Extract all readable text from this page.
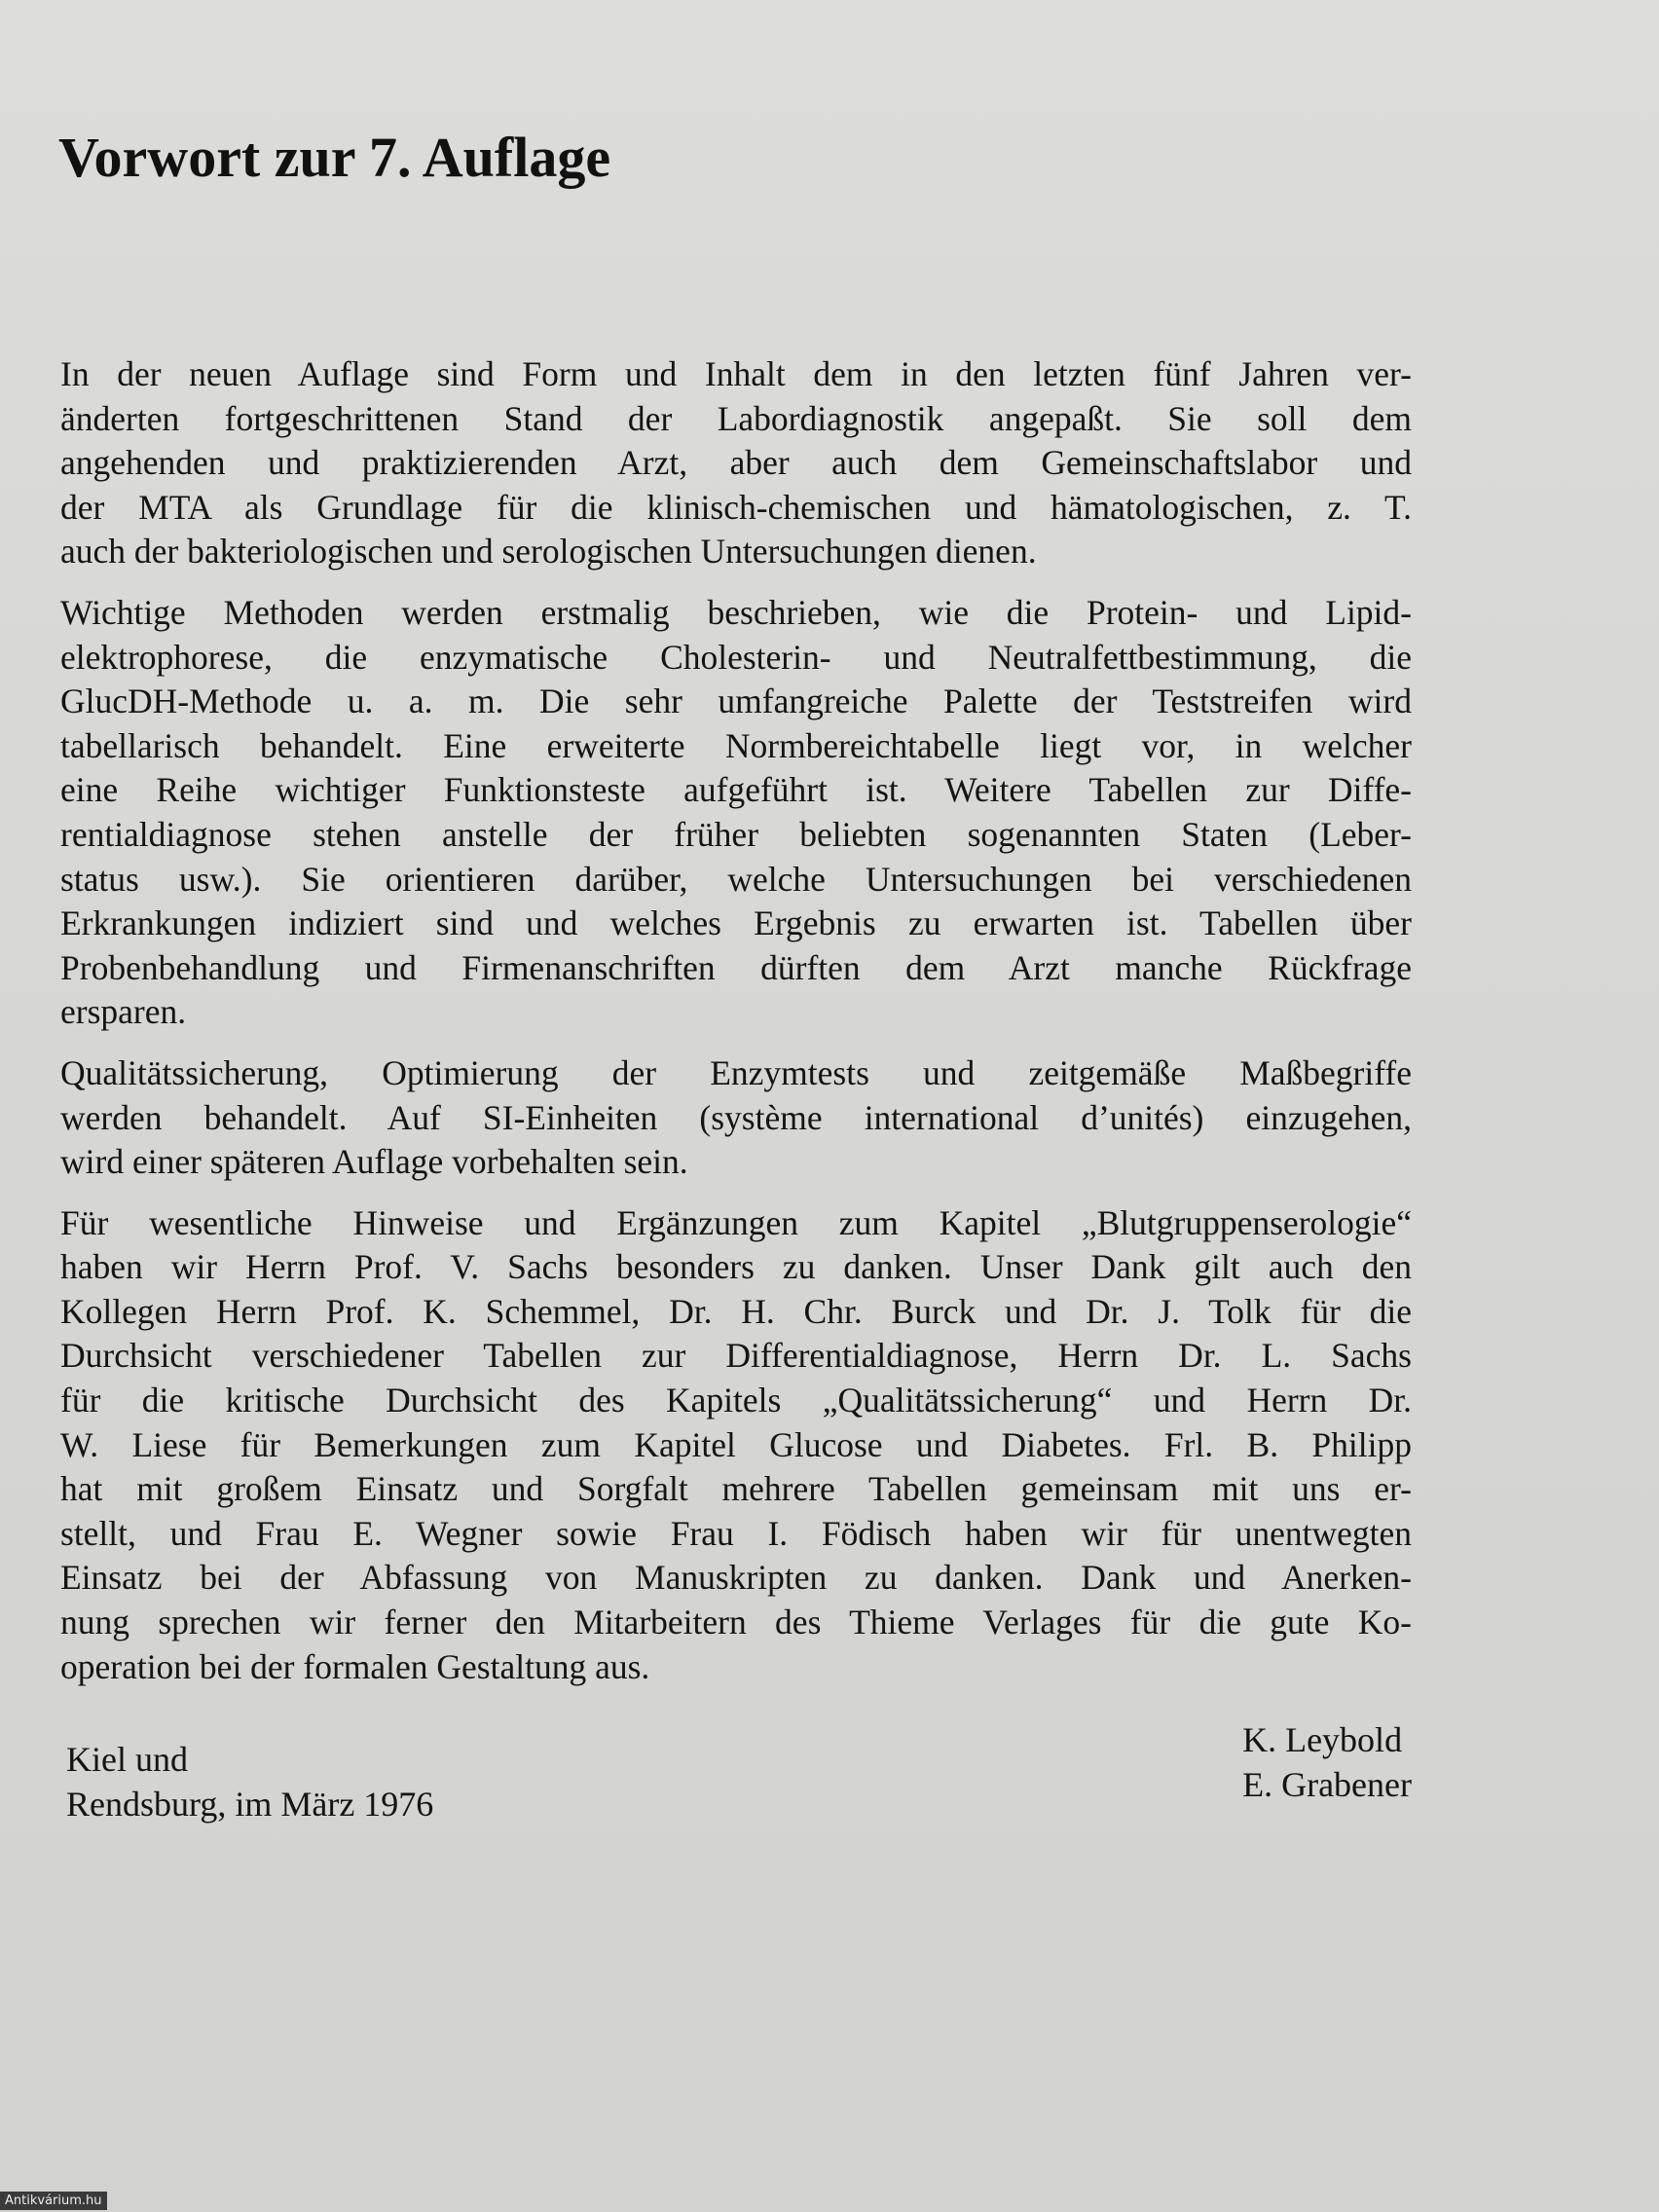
Vorwort zur 7. Auflage

In der neuen Auflage sind Form und Inhalt dem in den letzten fünf Jahren ver-
änderten fortgeschrittenen Stand der Labordiagnostik angepaßt. Sie soll dem
angehenden und praktizierenden Arzt, aber auch dem Gemeinschaftslabor und
der MTA als Grundlage für die klinisch-chemischen und hämatologischen, z. T.
auch der bakteriologischen und serologischen Untersuchungen dienen.

Wichtige Methoden werden erstmalig beschrieben, wie die Protein- und Lipid-
elektrophorese, die enzymatische Cholesterin- und Neutralfettbestimmung, die
GlucDH-Methode u. a. m. Die sehr umfangreiche Palette der Teststreifen wird
tabellarisch behandelt. Eine erweiterte Normbereichtabelle liegt vor, in welcher
eine Reihe wichtiger Funktionsteste aufgeführt ist. Weitere Tabellen zur Diffe-
rentialdiagnose stehen anstelle der früher beliebten sogenannten Staten (Leber-
status usw.). Sie orientieren darüber, welche Untersuchungen bei verschiedenen
Erkrankungen indiziert sind und welches Ergebnis zu erwarten ist. Tabellen über
Probenbehandlung und Firmenanschriften dürften dem Arzt manche Rückfrage
ersparen.

Qualitätssicherung, Optimierung der Enzymtests und zeitgemäße Maßbegriffe
werden behandelt. Auf SI-Einheiten (système international d’unités) einzugehen,
wird einer späteren Auflage vorbehalten sein.

Für wesentliche Hinweise und Ergänzungen zum Kapitel „Blutgruppenserologie“
haben wir Herrn Prof. V. Sachs besonders zu danken. Unser Dank gilt auch den
Kollegen Herrn Prof. K. Schemmel, Dr. H. Chr. Burck und Dr. J. Tolk für die
Durchsicht verschiedener Tabellen zur Differentialdiagnose, Herrn Dr. L. Sachs
für die kritische Durchsicht des Kapitels „Qualitätssicherung“ und Herrn Dr.
W. Liese für Bemerkungen zum Kapitel Glucose und Diabetes. Frl. B. Philipp
hat mit großem Einsatz und Sorgfalt mehrere Tabellen gemeinsam mit uns er-
stellt, und Frau E. Wegner sowie Frau I. Födisch haben wir für unentwegten
Einsatz bei der Abfassung von Manuskripten zu danken. Dank und Anerken-
nung sprechen wir ferner den Mitarbeitern des Thieme Verlages für die gute Ko-
operation bei der formalen Gestaltung aus.

Kiel und
Rendsburg, im März 1976
K. Leybold
E. Grabener
Antikvárium.hu
